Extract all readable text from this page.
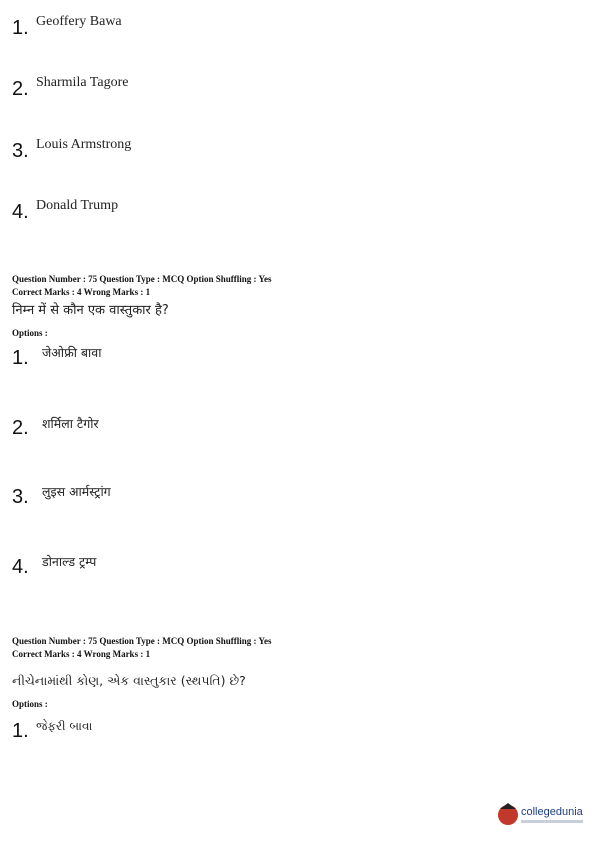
1. Geoffery Bawa
2. Sharmila Tagore
3. Louis Armstrong
4. Donald Trump
Question Number : 75 Question Type : MCQ Option Shuffling : Yes
Correct Marks : 4 Wrong Marks : 1
निम्न में से कौन एक वास्तुकार है?
Options :
1. जेओफ्री बावा
2. शर्मिला टैगोर
3. लुइस आर्मस्ट्रांग
4. डोनाल्ड ट्रम्प
Question Number : 75 Question Type : MCQ Option Shuffling : Yes
Correct Marks : 4 Wrong Marks : 1
નીચેનામાંથી કોણ, એક વાસ્તુકાર (સ્થપતિ) છે?
Options :
1. જેફરી બાવા
collegedunia
